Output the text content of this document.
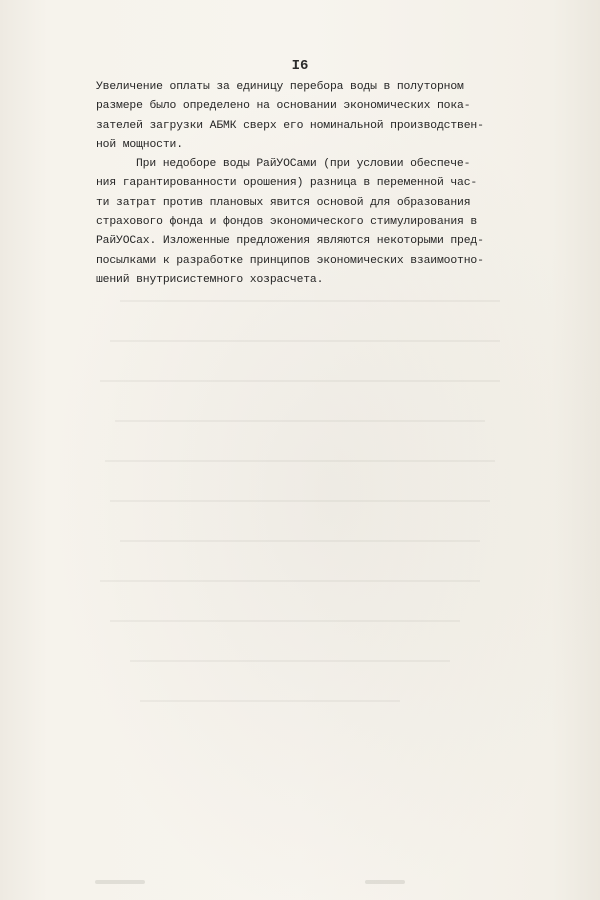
I6

Увеличение оплаты за единицу перебора воды в полуторном
размере было определено на основании экономических пока-
зателей загрузки АБМК сверх его номинальной производствен-
ной мощности.
При недоборе воды РайУОСами (при условии обеспече-
ния гарантированности орошения) разница в переменной час-
ти затрат против плановых явится основой для образования
страхового фонда и фондов экономического стимулирования в
РайУОСах. Изложенные предложения являются некоторыми пред-
посылками к разработке принципов экономических взаимоотно-
шений внутрисистемного хозрасчета.
